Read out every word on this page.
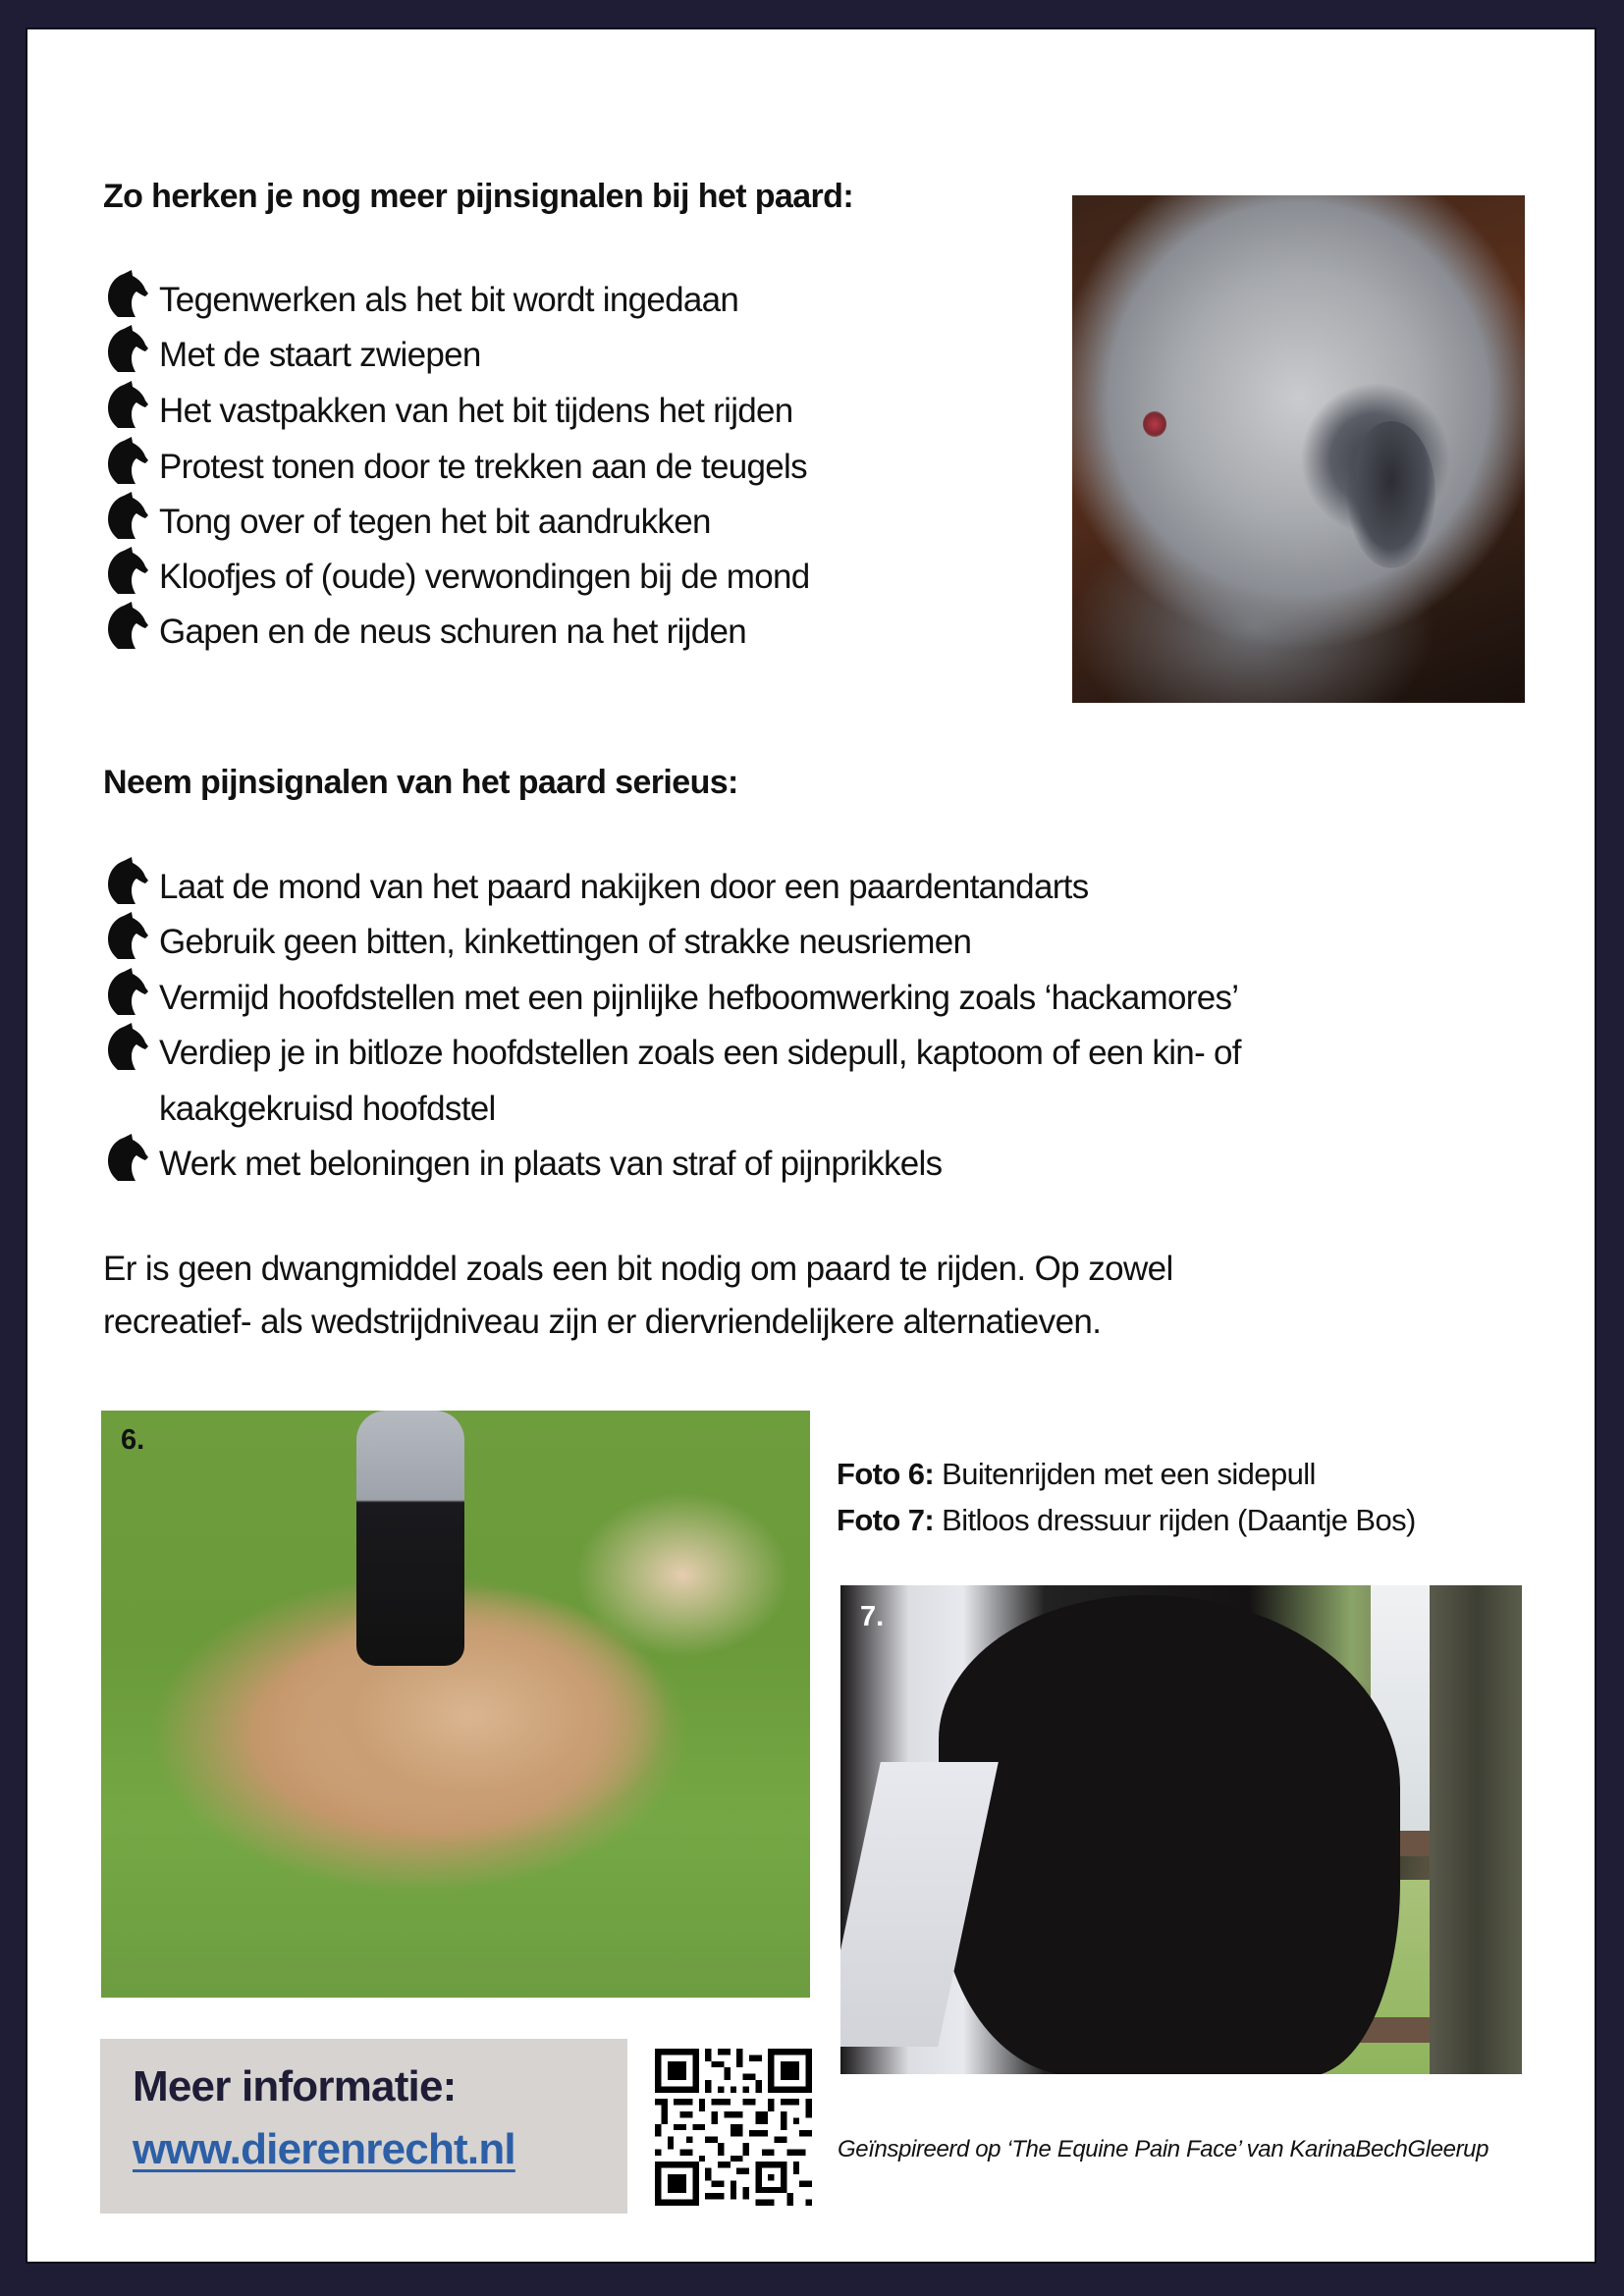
Zo herken je nog meer pijnsignalen bij het paard:
Tegenwerken als het bit wordt ingedaan
Met de staart zwiepen
Het vastpakken van het bit tijdens het rijden
Protest tonen door te trekken aan de teugels
Tong over of tegen het bit aandrukken
Kloofjes of (oude) verwondingen bij de mond
Gapen en de neus schuren na het rijden
Neem pijnsignalen van het paard serieus:
Laat de mond van het paard nakijken door een paardentandarts
Gebruik geen bitten, kinkettingen of strakke neusriemen
Vermijd hoofdstellen met een pijnlijke hefboomwerking zoals ‘hackamores’
Verdiep je in bitloze hoofdstellen zoals een sidepull, kaptoom of een kin- of
kaakgekruisd hoofdstel
Werk met beloningen in plaats van straf of pijnprikkels
Er is geen dwangmiddel zoals een bit nodig om paard te rijden. Op zowel
recreatief- als wedstrijdniveau zijn er diervriendelijkere alternatieven.
6.
Foto 6: Buitenrijden met een sidepull
Foto 7: Bitloos dressuur rijden (Daantje Bos)
7.
Meer informatie:
www.dierenrecht.nl	Geïnspireerd op ‘The Equine Pain Face’ van KarinaBechGleerup
